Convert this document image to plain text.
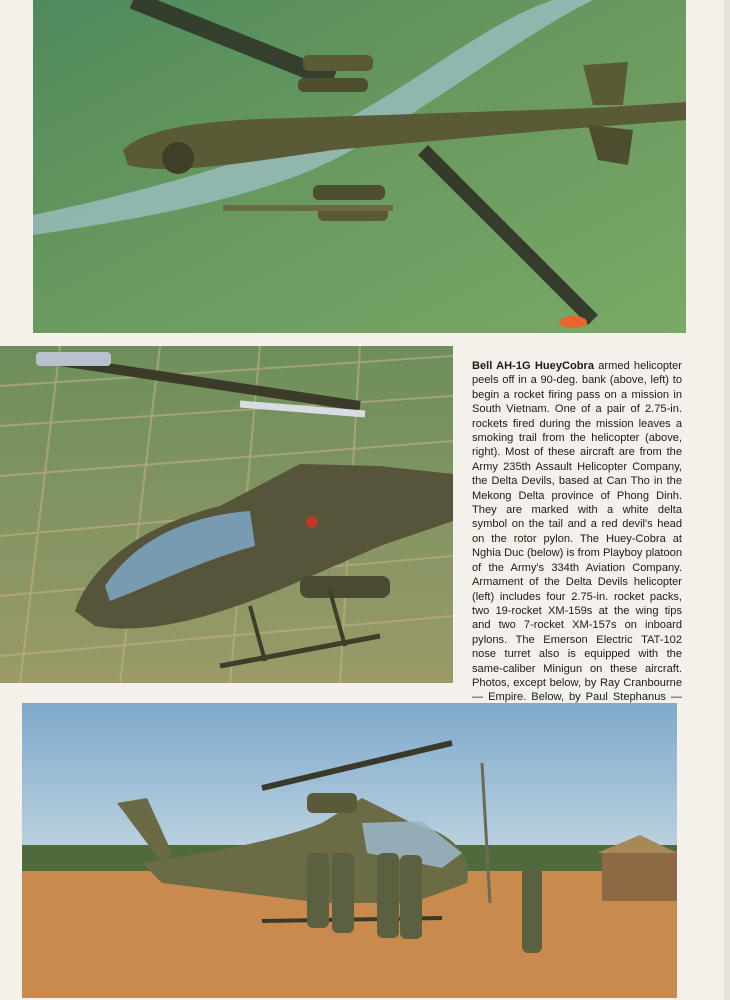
Bell AH-1G HueyCobra armed helicopter peels off in a 90-deg. bank (above, left) to begin a rocket firing pass on a mission in South Vietnam. One of a pair of 2.75-in. rockets fired during the mission leaves a smoking trail from the helicopter (above, right). Most of these aircraft are from the Army 235th Assault Helicopter Company, the Delta Devils, based at Can Tho in the Mekong Delta province of Phong Dinh. They are marked with a white delta symbol on the tail and a red devil's head on the rotor pylon. The Huey-Cobra at Nghia Duc (below) is from Playboy platoon of the Army's 334th Aviation Company. Armament of the Delta Devils helicopter (left) includes four 2.75-in. rocket packs, two 19-rocket XM-159s at the wing tips and two 7-rocket XM-157s on inboard pylons. The Emerson Electric TAT-102 nose turret also is equipped with the same-caliber Minigun on these aircraft. Photos, except below, by Ray Cranbourne — Empire. Below, by Paul Stephanus —
